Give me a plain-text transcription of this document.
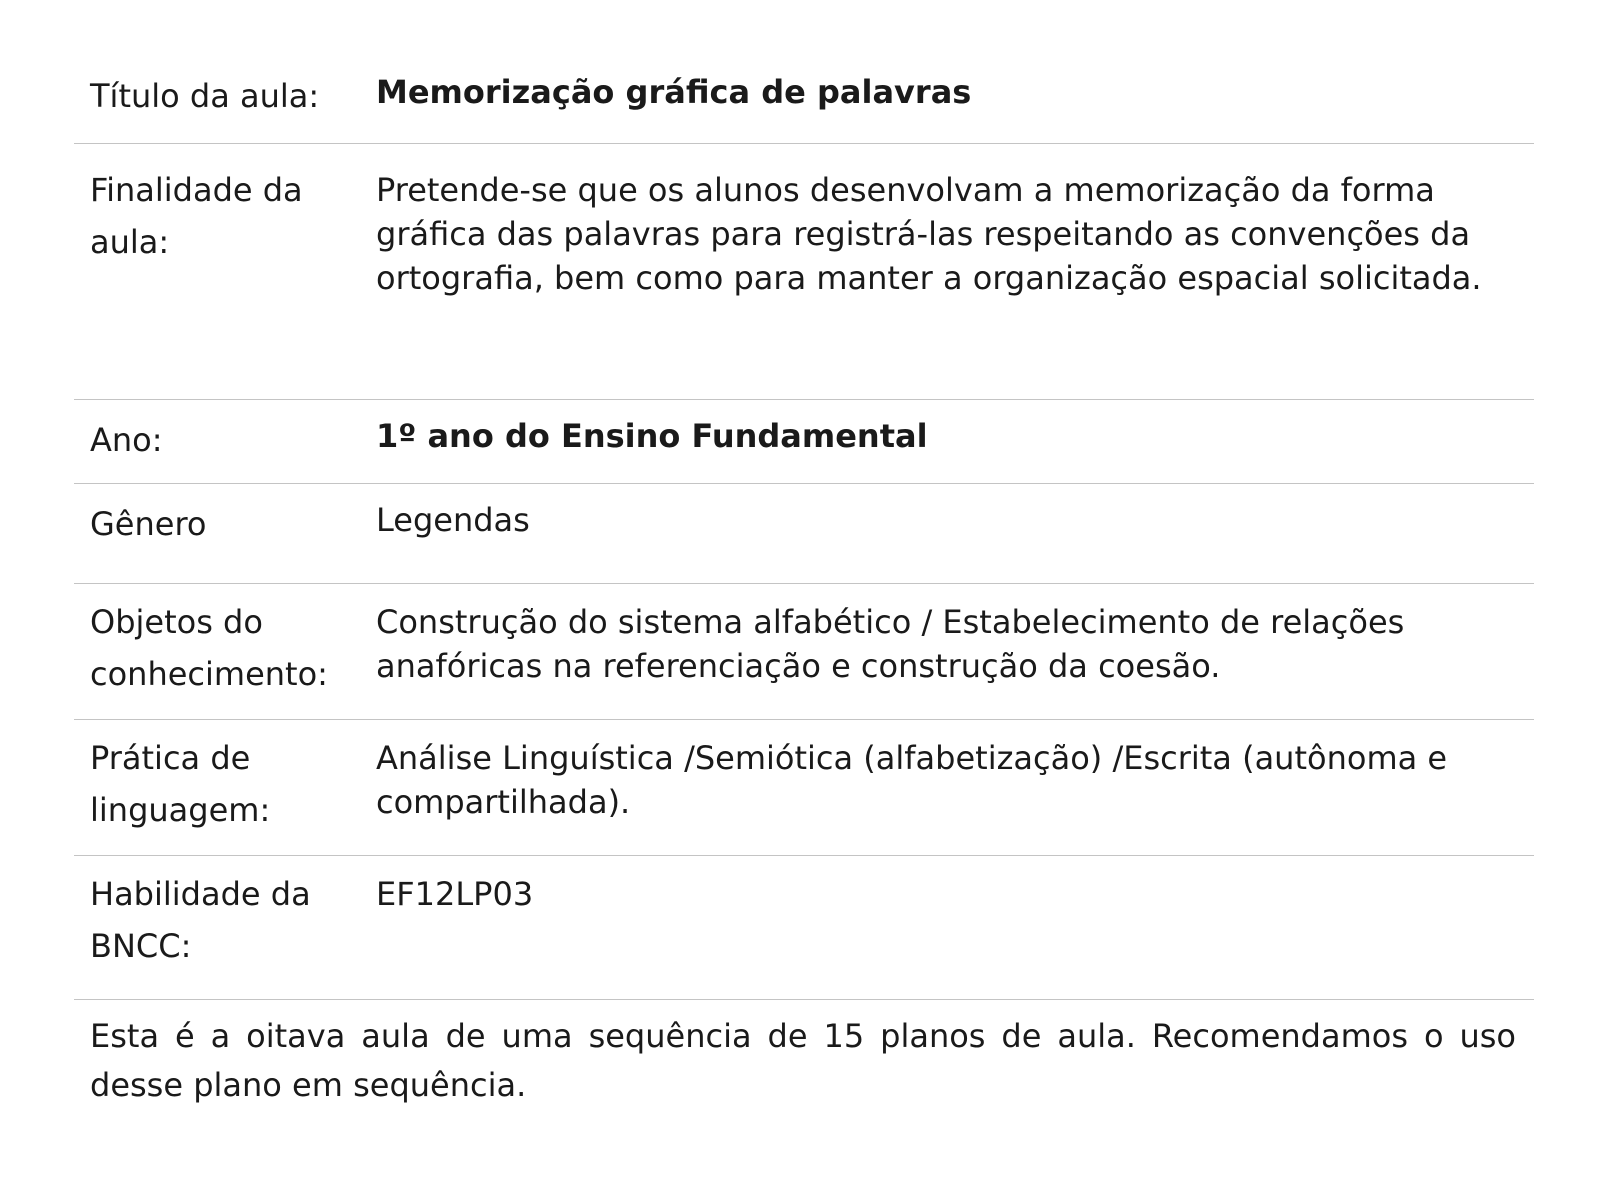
Título da aula:	Memorização gráfica de palavras
Finalidade da aula:
Pretende-se que os alunos desenvolvam a memorização da forma gráfica das palavras para registrá-las respeitando as convenções da ortografia, bem como para manter a organização espacial solicitada.
Ano:	1º ano do Ensino Fundamental
Gênero	Legendas
Objetos do conhecimento:
Construção do sistema alfabético / Estabelecimento de relações anafóricas na referenciação e construção da coesão.
Prática de linguagem:
Análise Linguística /Semiótica (alfabetização) /Escrita (autônoma e compartilhada).
Habilidade da BNCC:
EF12LP03
Esta é a oitava aula de uma sequência de 15 planos de aula. Recomendamos o uso desse plano em sequência.
